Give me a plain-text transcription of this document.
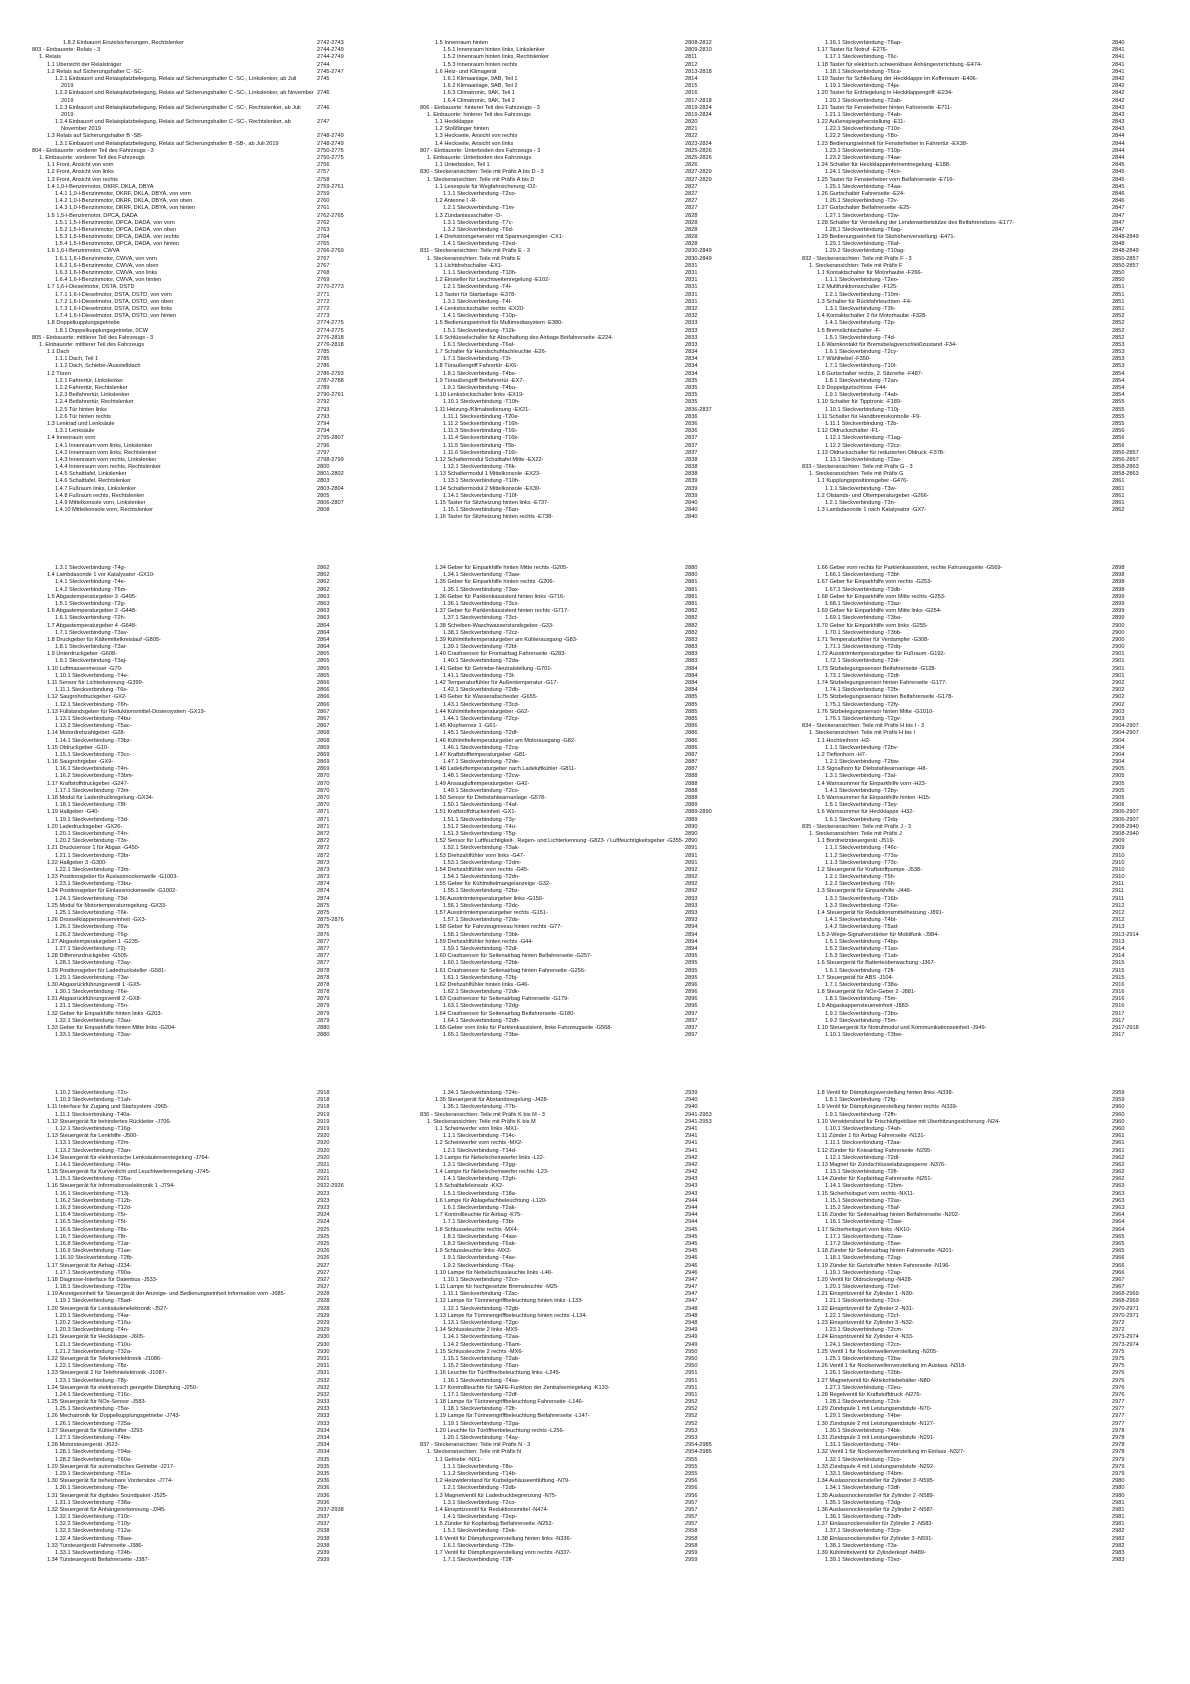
1.8.2 Einbauort Einzelsicherungen, Rechtslenker	2742-2743
803 - Einbauorte: Relais - 3	2744-2749
1. Relais	2744-2749
1.1 Übersicht der Relaisträger	2744
1.2 Relais auf Sicherungshalter C -SC-	2745-2747
1.2.1 Einbauort und Relaisplatzbelegung, Relais auf Sicherungshalter C -SC-, Linkslenker, ab Juli	2745
2019
1.2.2 Einbauort und Relaisplatzbelegung, Relais auf Sicherungshalter C -SC-, Linkslenker, ab November 2746
2019
1.2.3 Einbauort und Relaisplatzbelegung, Relais auf Sicherungshalter C -SC-, Rechtslenker, ab Juli	2746
2019
1.2.4 Einbauort und Relaisplatzbelegung, Relais auf Sicherungshalter C -SC-, Rechtslenker, ab	2747
November 2019
1.3 Relais auf Sicherungshalter B -SB-	2748-2749
1.3.1 Einbauort und Relaisplatzbelegung, Relais auf Sicherungshalter B -SB-, ab Juli 2019	2748-2749
804 - Einbauorte: vorderer Teil des Fahrzeugs - 3	2750-2775
1. Einbauorte: vorderer Teil des Fahrzeugs	2750-2775
1.1 Front, Ansicht von vorn	2756
1.2 Front, Ansicht von links	2757
1.3 Front, Ansicht von rechts	2758
1.4 1,0-l-Benzinmotor, DKRF, DKLA, DBYA	2759-2761
1.4.1 1,0-l-Benzinmotor, DKRF, DKLA, DBYA, von vorn	2759
1.4.2 1,0-l-Benzinmotor, DKRF, DKLA, DBYA, von oben	2760
1.4.3 1,0-l-Benzinmotor, DKRF, DKLA, DBYA, von hinten	2761
1.5 1,5-l-Benzinmotor, DPCA, DADA	2762-2765
1.5.1 1,5-l-Benzinmotor, DPCA, DADA, von vorn	2762
1.5.2 1,5-l-Benzinmotor, DPCA, DADA, von oben	2763
1.5.3 1,5-l-Benzinmotor, DPCA, DADA, von rechts	2764
1.5.4 1,5-l-Benzinmotor, DPCA, DADA, von hinten	2765
1.6 1,6-l-Benzinmotor, CWVA	2766-2769
1.6.1 1,6-l-Benzinmotor, CWVA, von vorn	2767
1.6.2 1,6-l-Benzinmotor, CWVA, von oben	2767
1.6.3 1,6-l-Benzinmotor, CWVA, von links	2768
1.6.4 1,6-l-Benzinmotor, CWVA, von hinten	2769
1.7 1,6-l-Dieselmotor, DSTA, DSTD	2770-2773
1.7.1 1,6-l-Dieselmotor, DSTA, DSTD, von vorn	2771
1.7.2 1,6-l-Dieselmotor, DSTA, DSTD, von oben	2772
1.7.3 1,6-l-Dieselmotor, DSTA, DSTD, von links	2772
1.7.4 1,6-l-Dieselmotor, DSTA, DSTD, von hinten	2773
1.8 Doppelkupplungsgetriebe	2774-2775
1.8.1 Doppelkupplungsgetriebe, 0CW	2774-2775
805 - Einbauorte: mittlerer Teil des Fahrzeugs - 3	2776-2818
1. Einbauorte: mittlerer Teil des Fahrzeugs	2776-2818
1.1 Dach	2785
1.1.1 Dach, Teil 1	2785
1.1.2 Dach, Schiebe-/Ausstelldach	2786
1.2 Türen	2786-2793
1.2.1 Fahrertür, Linkslenker	2787-2788
1.2.2 Fahrertür, Rechtslenker	2789
1.2.3 Beifahrertür, Linkslenker	2790-2791
1.2.4 Beifahrertür, Rechtslenker	2792
1.2.5 Tür hinten links	2793
1.2.6 Tür hinten rechts	2793
1.3 Lenkrad und Lenksäule	2794
1.3.1 Lenksäule	2794
1.4 Innenraum vorn	2795-2807
1.4.1 Innenraum vorn links, Linkslenker	2796
1.4.2 Innenraum vorn links, Rechtslenker	2797
1.4.3 Innenraum vorn rechts, Linkslenker	2798-2799
1.4.4 Innenraum vorn rechts, Rechtslenker	2800
1.4.5 Schalttafel, Linkslenker	2801-2802
1.4.6 Schalttafel, Rechtslenker	2803
1.4.7 Fußraum links, Linkslenker	2803-2804
1.4.8 Fußraum rechts, Rechtslenker	2805
1.4.9 Mittelkonsole vorn, Linkslenker	2806-2807
1.4.10 Mittelkonsole vorn, Rechtslenker	2808
1.5 Innenraum hinten	2808-2812
1.5.1 Innenraum hinten links, Linkslenker	2809-2810
1.5.2 Innenraum hinten links, Rechtslenker	2811
1.5.3 Innenraum hinten rechts	2812
1.6 Heiz- und Klimagerät	2813-2818
1.6.1 Klimaanlage, 9AB, Teil 1	2814
1.6.2 Klimaanlage, 9AB, Teil 2	2815
1.6.3 Climatronic, 9AK, Teil 1	2816
1.6.4 Climatronic, 9AK, Teil 2	2817-2818
806 - Einbauorte: hinterer Teil des Fahrzeugs - 3	2819-2824
1. Einbauorte: hinterer Teil des Fahrzeugs	2819-2824
1.1 Heckklappe	2820
1.2 Stoßfänger hinten	2821
1.3 Heckseite, Ansicht von rechts	2822
1.4 Heckseite, Ansicht von links	2823-2824
807 - Einbauorte: Unterboden des Fahrzeugs - 3	2825-2826
1. Einbauorte: Unterboden des Fahrzeugs	2825-2826
1.1 Unterboden, Teil 1	2826
830 - Steckeransichten: Teile mit Präfix A bis D - 3	2827-2829
1. Steckeransichten: Teile mit Präfix A bis D	2827-2829
1.1 Lesespule für Wegfahrsicherung -D2-	2827
1.1.1 Steckverbindung -T2co-	2827
1.2 Antenne I -R-	2827
1.2.1 Steckverbindung -T1m-	2827
1.3 Zündanlassschalter -D-	2828
1.3.1 Steckverbindung -T7c-	2828
1.3.2 Steckverbindung -T6d-	2828
1.4 Drehstromgenerator mit Spannungsregler -CX1-	2828
1.4.1 Steckverbindung -T2ed-	2828
831 - Steckeransichten: Teile mit Präfix E - 3	2830-2849
1. Steckeransichten: Teile mit Präfix E	2830-2849
1.1 Lichtdrehschalter -EX1-	2831
1.1.1 Steckverbindung -T10h-	2831
1.2 Einsteller für Leuchtweitenregelung -E102-	2831
1.2.1 Steckverbindung -T4i-	2831
1.3 Taster für Startanlage -E378-	2831
1.3.1 Steckverbindung -T4t-	2831
1.4 Lenkstockschalter rechts -EX20-	2832
1.4.1 Steckverbindung -T10p-	2832
1.5 Bedienungseinheit für Multimediasystem -E380-	2833
1.5.1 Steckverbindung -T12k-	2833
1.6 Schlüsselschalter für Abschaltung des Airbags Beifahrerseite -E224-	2833
1.6.1 Steckverbindung -T6al-	2833
1.7 Schalter für Handschuhfachleuchte -E26-	2834
1.7.1 Steckverbindung -T3i-	2834
1.8 Türaußengriff Fahrertür -EX6-	2834
1.8.1 Steckverbindung -T4bs-	2834
1.9 Türaußengriff Beifahrertür -EX7-	2835
1.9.1 Steckverbindung -T4bu-	2835
1.10 Lenkstockschalter links -EX19-	2835
1.10.1 Steckverbindung -T10h-	2835
1.11 Heizung-/Klimabedienung -EX21-	2836-2837
1.11.1 Steckverbindung -T20e-	2836
1.11.2 Steckverbindung -T16h-	2836
1.11.3 Steckverbindung -T16i-	2836
1.11.4 Steckverbindung -T16k-	2837
1.11.5 Steckverbindung -T5b-	2837
1.11.6 Steckverbindung -T16i-	2837
1.12 Schaltermodul Schalttafel Mitte -EX22-	2838
1.12.1 Steckverbindung -T6k-	2838
1.13 Schaltermodul 1 Mittelkonsole -EX23-	2838
1.13.1 Steckverbindung -T10h-	2839
1.14 Schaltermodul 2 Mittelkonsole -EX30-	2839
1.14.1 Steckverbindung -T10f-	2839
1.15 Taster für Sitzheizung hinten links -E737-	2840
1.15.1 Steckverbindung -T6an-	2840
1.16 Taster für Sitzheizung hinten rechts -E738-	2840
1.16.1 Steckverbindung -T6ap-	2840
1.17 Taster für Notruf -E276-	2841
1.17.1 Steckverbindung -T6c-	2841
1.18 Taster für elektrisch schwenkbare Anhängevorrichtung -E474-	2841
1.18.1 Steckverbindung -T6ca-	2841
1.19 Taster für Schließung der Heckklappe im Kofferraum -E406-	2842
1.19.1 Steckverbindung -T4ja-	2842
1.20 Taster für Entriegelung in Heckklappengriff -E234-	2842
1.20.1 Steckverbindung -T2ab-	2842
1.21 Taster für Fensterheber hinten Fahrerseite -E711-	2843
1.21.1 Steckverbindung -T4ab-	2843
1.22 Außenspiegelverstellung -E11-	2843
1.22.1 Steckverbindung -T10z-	2843
1.22.2 Steckverbindung -T8o-	2844
1.23 Bedienungseinheit für Fensterheber in Fahrertür -EX38-	2844
1.23.1 Steckverbindung -T10p-	2844
1.23.2 Steckverbindung -T4ae-	2844
1.24 Schalter für Heckklappenfernentriegelung -E188-	2845
1.24.1 Steckverbindung -T4cn-	2845
1.25 Taster für Fensterheber vorn Beifahrerseite -E716-	2845
1.25.1 Steckverbindung -T4aa-	2845
1.26 Gurtschalter Fahrerseite -E24-	2846
1.26.1 Steckverbindung -T2v-	2846
1.27 Gurtschalter Beifahrerseite -E25-	2847
1.27.1 Steckverbindung -T2w-	2847
1.28 Schalter für Verstellung der Lendenwirbelstütze des Beifahrersitzes -E177-	2847
1.28.1 Steckverbindung -T6ag-	2847
1.29 Bedienungseinheit für Sitzhöhenverstellung -E471-	2848-2849
1.29.1 Steckverbindung -T6af-	2848
1.29.2 Steckverbindung -T10ag-	2848-2849
832 - Steckeransichten: Teile mit Präfix F - 3	2850-2857
1. Steckeransichten: Teile mit Präfix F	2850-2857
1.1 Kontaktschalter für Motorhaube -F266-	2850
1.1.1 Steckverbindung -T2eo-	2850
1.2 Multifunktionsschalter -F125-	2851
1.2.1 Steckverbindung -T10m-	2851
1.3 Schalter für Rückfahrleuchten -F4-	2851
1.3.1 Steckverbindung -T3h-	2851
1.4 Kontaktschalter 2 für Motorhaube -F328-	2852
1.4.1 Steckverbindung -T2p-	2852
1.5 Bremslichtschalter -F-	2852
1.5.1 Steckverbindung -T4d-	2852
1.6 Warnkontakt für Bremsbelagverschleißzustand -F34-	2853
1.6.1 Steckverbindung -T2cy-	2853
1.7 Wählhebel -F350-	2853
1.7.1 Steckverbindung -T10l-	2853
1.8 Gurtschalter rechts, 2. Sitzreihe -F487-	2854
1.8.1 Steckverbindung -T2an-	2854
1.9 Doppelgurtschloss -F44-	2854
1.9.1 Steckverbindung -T4ab-	2854
1.10 Schalter für Tipptronic -F189-	2855
1.10.1 Steckverbindung -T10j-	2855
1.11 Schalter für Handbremskontrolle -F9-	2855
1.11.1 Steckverbindung -T2b-	2855
1.12 Öldruckschalter -F1-	2856
1.12.1 Steckverbindung -T1ag-	2856
1.12.2 Steckverbindung -T2cz-	2856
1.13 Öldruckschalter für reduzierten Öldruck -F378-	2856-2857
1.13.1 Steckverbindung -T2ax-	2856-2857
833 - Steckeransichten: Teile mit Präfix G - 3	2858-2863
1. Steckeransichten: Teile mit Präfix G	2858-2863
1.1 Kupplungspositionsgeber -G476-	2861
1.1.1 Steckverbindung -T3w-	2861
1.2 Ölstands- und Öltemperaturgeber -G266-	2861
1.2.1 Steckverbindung -T3n-	2861
1.3 Lambdasonde 1 nach Katalysator -GX7-	2862
1.3.1 Steckverbindung -T4g-	2862
1.4 Lambdasonde 1 vor Katalysator -GX10-	2862
1.4.1 Steckverbindung -T4e-	2862
1.4.2 Steckverbindung -T6m-	2862
1.5 Abgastemperaturgeber 3 -G495-	2863
1.5.1 Steckverbindung -T2g-	2863
1.6 Abgastemperaturgeber 2 -G448-	2863
1.6.1 Steckverbindung -T2h-	2863
1.7 Abgastemperaturgeber 4 -G648-	2864
1.7.1 Steckverbindung -T3av-	2864
1.8 Druckgeber für Kältemittelkreislauf -G805-	2864
1.8.1 Steckverbindung -T3ar-	2864
1.9 Unterdruckgeber -G608-	2865
1.9.1 Steckverbindung -T3aj-	2865
1.10 Luftmassenmesser -G70-	2865
1.10.1 Steckverbindung -T4e-	2865
1.11 Sensor für Lichterkennung -G399-	2866
1.11.1 Steckverbindung -T6s-	2866
1.12 Saugrohrdruckgeber -GX2-	2866
1.12.1 Steckverbindung -T6h-	2866
1.13 Füllstandsgeber für Reduktionsmittel-Dosiersystem -GX19-	2867
1.13.1 Steckverbindung -T4bu-	2867
1.13.2 Steckverbindung -T5ac-	2867
1.14 Motordrehzahlgeber -G28-	2868
1.14.1 Steckverbindung -T3bz-	2868
1.15 Öldruckgeber -G10-	2869
1.15.1 Steckverbindung -T3cc-	2869
1.16 Saugrohrgeber -GX9-	2869
1.16.1 Steckverbindung -T4n-	2869
1.16.2 Steckverbindung -T3bm-	2870
1.17 Kraftstoffdruckgeber -G247-	2870
1.17.1 Steckverbindung -T3m-	2870
1.18 Modul für Laderdruckregelung -GX34-	2870
1.18.1 Steckverbindung -T8f-	2870
1.19 Hallgeber -G40-	2871
1.19.1 Steckverbindung -T3d-	2871
1.20 Ladedrucksgeber -GX26-	2871
1.20.1 Steckverbindung -T4n-	2872
1.20.2 Steckverbindung -T3x-	2872
1.21 Drucksensor 1 für Abgas -G450-	2872
1.21.1 Steckverbindung -T3br-	2872
1.22 Hallgeber 3 -G300-	2873
1.22.1 Steckverbindung -T3m-	2873
1.23 Positionsgeber für Auslassnockenwelle -G1003-	2873
1.23.1 Steckverbindung -T3bu-	2874
1.24 Positionsgeber für Einlassnockenwelle -G1002-	2874
1.24.1 Steckverbindung -T3d-	2874
1.25 Modul für Motortemperaturregelung -GX33-	2875
1.25.1 Steckverbindung -T6k-	2875
1.26 Drosselklappensteuereinheit -GX3-	2875-2876
1.26.1 Steckverbindung -T6a-	2875
1.26.2 Steckverbindung -T6g-	2876
1.27 Abgastemperaturgeber 1 -G235-	2877
1.27.1 Steckverbindung -T2j-	2877
1.28 Differenzdruckgeber -G505-	2877
1.28.1 Steckverbindung -T3ay-	2877
1.29 Positionsgeber für Ladedrucksteller -G581-	2878
1.29.1 Steckverbindung -T3w-	2878
1.30 Abgasrückführungsventil 1 -GX5-	2878
1.30.1 Steckverbindung -T6e-	2878
1.31 Abgasrückführungsventil 2 -GX8-	2879
1.31.1 Steckverbindung -T5n-	2879
1.32 Geber für Einparkhilfe hinten links -G203-	2879
1.32.1 Steckverbindung -T3au-	2879
1.33 Geber für Einparkhilfe hinten Mitte links -G204-	2880
1.33.1 Steckverbindung -T3av-	2880
1.34 Geber für Einparkhilfe hinten Mitte rechts -G205-	2880
1.34.1 Steckverbindung -T3aw-	2880
1.35 Geber für Einparkhilfe hinten rechts -G206-	2881
1.35.1 Steckverbindung -T3ax-	2881
1.36 Geber für Parklenkassistent hinten links -G716-	2881
1.36.1 Steckverbindung -T3cs-	2881
1.37 Geber für Parklenkassistent hinten rechts -G717-	2882
1.37.1 Steckverbindung -T3ct-	2882
1.38 Scheiben-Waschwasserstandsgeber -G33-	2882
1.38.1 Steckverbindung -T2cz-	2882
1.39 Kühlmitteltemperaturgeber am Kühlerausgang -G83-	2883
1.39.1 Steckverbindung -T2bl-	2883
1.40 Crashsensor für Frontairbag Fahrerseite -G283-	2883
1.40.1 Steckverbindung -T2da-	2883
1.41 Geber für Getriebe-Neutralstellung -G701-	2884
1.41.1 Steckverbindung -T3t-	2884
1.42 Temperaturfühler für Außentemperatur -G17-	2884
1.42.1 Steckverbindung -T2db-	2884
1.43 Geber für Wasserabscheider -G655-	2885
1.43.1 Steckverbindung -T3cd-	2885
1.44 Kühlmitteltemperaturgeber -G62-	2885
1.44.1 Steckverbindung -T2cp-	2885
1.45 Klopfsensor 1 -G61-	2886
1.45.1 Steckverbindung -T2df-	2886
1.46 Kühlmitteltemperaturgeber am Motorausgang -G82-	2886
1.46.1 Steckverbindung -T2cq-	2886
1.47 Kraftstofftemperaturgeber -G81-	2887
1.47.1 Steckverbindung -T2de-	2887
1.48 Ladeluftemperaturgeber nach Ladeluftkühler -G811-	2887
1.48.1 Steckverbindung -T2cw-	2888
1.49 Ansaugluftemperaturgeber -G42-	2888
1.49.1 Steckverbindung -T2co-	2888
1.50 Sensor für Diebstahlwarnanlage -G578-	2888
1.50.1 Steckverbindung -T4af-	2889
1.51 Kraftstoffdruckeinheit -GX1-	2889-2890
1.51.1 Steckverbindung -T3y-	2889
1.51.2 Steckverbindung -T4u-	2890
1.51.3 Steckverbindung -T5g-	2890
1.52 Sensor für Luftfeuchtigkeit-, Regen- und Lichterkennung -G823- / Luftfeuchtigkeitsgeber -G355- 2890
1.52.1 Steckverbindung -T3ak-	2891
1.53 Drehzahlfühler vorn links -G47-	2891
1.53.1 Steckverbindung -T2dm-	2891
1.54 Drehzahlfühler vorn rechts -G45-	2892
1.54.1 Steckverbindung -T2dn-	2892
1.55 Geber für Kühlmittelmangelanzeige -G32-	2892
1.55.1 Steckverbindung -T2bz-	2892
1.56 Ausströmtemperaturgeber links -G150-	2893
1.56.1 Steckverbindung -T2dc-	2893
1.57 Ausströmtemperaturgeber rechts -G151-	2893
1.57.1 Steckverbindung -T2ds-	2893
1.58 Geber für Fahrzeugniveau hinten rechts -G77-	2894
1.58.1 Steckverbindung -T3bk-	2894
1.59 Drehzahlfühler hinten rechts -G44-	2894
1.59.1 Steckverbindung -T2dl-	2894
1.60 Crashsensor für Seitenairbag hinten Beifahrerseite -G257-	2895
1.60.1 Steckverbindung -T2bk-	2895
1.61 Crashsensor für Seitenairbag hinten Fahrerseite -G256-	2895
1.61.1 Steckverbindung -T2bj-	2895
1.62 Drehzahlfühler hinten links -G46-	2896
1.62.1 Steckverbindung -T2dk-	2896
1.63 Crashsensor für Seitenairbag Fahrerseite -G179-	2896
1.63.1 Steckverbindung -T2dg-	2896
1.64 Crashsensor für Seitenairbag Beifahrerseite -G180-	2897
1.64.1 Steckverbindung -T2dh-	2897
1.65 Geber vorn links für Parklenkassistent, linke Fahrzeugseite -G568-	2897
1.65.1 Steckverbindung -T3be-	2897
1.66 Geber vorn rechts für Parklenkassistent, rechte Fahrzeugseite -G569-	2898
1.66.1 Steckverbindung -T3bf-	2898
1.67 Geber für Einparkhilfe vorn rechts -G253-	2898
1.67.1 Steckverbindung -T3db-	2898
1.68 Geber für Einparkhilfe vorn Mitte rechts -G253-	2899
1.68.1 Steckverbindung -T3az-	2899
1.69 Geber für Einparkhilfe vorn Mitte links -G254-	2899
1.69.1 Steckverbindung -T3ba-	2899
1.70 Geber für Einparkhilfe vorn links -G255-	2900
1.70.1 Steckverbindung -T3bb-	2900
1.71 Temperaturfühler für Verdampfer -G308-	2900
1.71.1 Steckverbindung -T2dq-	2900
1.72 Ausströmtemperaturgeber für Fußraum -G192-	2901
1.72.1 Steckverbindung -T2dr-	2901
1.73 Sitzbelegungssensor Beifahrerseite -G128-	2901
1.73.1 Steckverbindung -T2dt-	2901
1.74 Sitzbelegungssensor hinten Fahrerseite -G177-	2902
1.74.1 Steckverbindung -T2fx-	2902
1.75 Sitzbelegungssensor hinten Beifahrerseite -G178-	2902
1.75.1 Steckverbindung -T2fy-	2902
1.76 Sitzbelegungssensor hinten Mitte -G1010-	2903
1.76.1 Steckverbindung -T2gv-	2903
834 - Steckeransichten: Teile mit Präfix H bis I - 3	2904-2907
1. Steckeransichten: Teile mit Präfix H bis I	2904-2907
1.1 Hochtonhorn -H2-	2904
1.1.1 Steckverbindung -T2bv-	2904
1.2 Tieftonhorn -H7-	2904
1.2.1 Steckverbindung -T2bw-	2904
1.3 Signalhorn für Diebstahlwarnanlage -H8-	2905
1.3.1 Steckverbindung -T3al-	2905
1.4 Warnsummer für Einparkhilfe vorn -H23-	2905
1.4.1 Steckverbindung -T2by-	2905
1.5 Warnsummer für Einparkhilfe hinten -H15-	2905
1.5.1 Steckverbindung -T3ey-	2906
1.6 Warnsummer für Heckklappe -H32-	2906-2907
1.6.1 Steckverbindung -T2dq-	2906-2907
835 - Steckeransichten: Teile mit Präfix J - 3	2908-2940
1. Steckeransichten: Teile mit Präfix J	2908-2940
1.1 Bordnetzsteuergerät -J519-	2909
1.1.1 Steckverbindung -T46c-	2909
1.1.2 Steckverbindung -T73a-	2910
1.1.3 Steckverbindung -T73c-	2910
1.2 Steuergerät für Kraftstoffpumpe -J538-	2910
1.2.1 Steckverbindung -T5h-	2910
1.2.2 Steckverbindung -T6h-	2911
1.3 Steuergerät für Einparkhilfe -J446-	2911
1.3.1 Steckverbindung -T16b-	2911
1.3.2 Steckverbindung -T26e-	2912
1.4 Steuergerät für Reduktionsmittelheizung -J891-	2912
1.4.1 Steckverbindung -T4bt-	2912
1.4.2 Steckverbindung -T5ad-	2913
1.5 2-Wege-Signalverstärker für Mobilfunk -J984-	2913-2914
1.5.1 Steckverbindung -T4bp-	2913
1.5.2 Steckverbindung -T1ao-	2914
1.5.3 Steckverbindung -T1ab-	2914
1.6 Steuergerät für Batterieüberwachung -J367-	2915
1.6.1 Steckverbindung -T2fl-	2915
1.7 Steuergerät für ABS -J104-	2915
1.7.1 Steckverbindung -T38a-	2916
1.8 Steuergerät für NOx-Geber 2 -J881-	2916
1.8.1 Steckverbindung -T5m-	2916
1.9 Abgaskappensteuereinheit -J883-	2916
1.9.1 Steckverbindung -T3bo-	2917
1.9.2 Steckverbindung -T5m-	2917
1.10 Steuergerät für Notrufmodul und Kommunikationseinheit -J949-	2917-2918
1.10.1 Steckverbindung -T3bw-	2917
1.10.2 Steckverbindung -T2o-	2918
1.10.3 Steckverbindung -T1ah-	2918
1.11 Interface für Zugang und Startsystem -J965-	2918
1.11.1 Steckverbindung -T40a-	2919
1.12 Steuergerät für behindertes Rückleiter -J706-	2919
1.12.1 Steckverbindung -T16g-	2919
1.13 Steuergerät für Lenkhilfe -J500-	2920
1.13.1 Steckverbindung -T2m-	2920
1.13.2 Steckverbindung -T3an-	2920
1.14 Steuergerät für elektronische Lenksäulenverriegelung -J764-	2920
1.14.1 Steckverbindung -T4bs-	2921
1.15 Steuergerät für Kurvenlicht und Leuchtweitenregelung -J745-	2921
1.15.1 Steckverbindung -T26a-	2921
1.16 Steuergerät für Informationselektronik 1 -J794-	2922-2926
1.16.1 Steckverbindung -T13j-	2923
1.16.2 Steckverbindung -T12b-	2923
1.16.3 Steckverbindung -T12d-	2923
1.16.4 Steckverbindung -T5r-	2924
1.16.5 Steckverbindung -T5t-	2924
1.16.6 Steckverbindung -T8s-	2925
1.16.7 Steckverbindung -T8r-	2925
1.16.8 Steckverbindung -T1ar-	2925
1.16.9 Steckverbindung -T1ae-	2926
1.16.10 Steckverbindung -T2fb-	2926
1.17 Steuergerät für Airbag -J234-	2927
1.17.1 Steckverbindung -T90a-	2927
1.18 Diagnose-Interface für Datenbus -J533-	2927
1.18.1 Steckverbindung -T20a-	2927
1.19 Anzeigeeinheit für Steuergerät der Anzeige- und Bedienungseinheit Information vorn -J685-	2928
1.19.1 Steckverbindung -T5ad-	2928
1.20 Steuergerät für Lenksäulenelektronik -J527-	2928
1.20.1 Steckverbindung -T4ar-	2929
1.20.2 Steckverbindung -T16u-	2929
1.20.3 Steckverbindung -T4n-	2929
1.21 Steuergerät für Heckklappe -J605-	2930
1.21.1 Steckverbindung -T10u-	2930
1.21.2 Steckverbindung -T32a-	2930
1.22 Steuergerät für Telefonielektronik -J1086-	2931
1.22.1 Steckverbindung -T8z-	2931
1.23 Steuergerät 2 für Telefonielektronik -J1087-	2931
1.23.1 Steckverbindung -T8y-	2932
1.24 Steuergerät für elektronisch geregelte Dämpfung -J250-	2932
1.24.1 Steckverbindung -T16c-	2932
1.25 Steuergerät für NOx-Sensor -J583-	2933
1.25.1 Steckverbindung -T5w-	2933
1.26 Mechatronik für Doppelkupplungsgetriebe -J743-	2933
1.26.1 Steckverbindung -T25a-	2933
1.27 Steuergerät für Kühlerlüfter -J293-	2934
1.27.1 Steckverbindung -T4bv-	2934
1.28 Motorsteuergerät -J623-	2934
1.28.1 Steckverbindung -T94a-	2934
1.28.2 Steckverbindung -T60a-	2935
1.29 Steuergerät für automatisches Getriebe -J217-	2935
1.29.1 Steckverbindung -T81a-	2935
1.30 Steuergerät für beheizbare Vordersitze -J774-	2936
1.30.1 Steckverbindung -T8e-	2936
1.31 Steuergerät für digitales Soundpaket -J525-	2936
1.31.1 Steckverbindung -T38a-	2936
1.32 Steuergerät für Anhängererkennung -J345-	2937-2938
1.32.1 Steckverbindung -T10c-	2937
1.32.2 Steckverbindung -T10y-	2937
1.32.3 Steckverbindung -T12a-	2938
1.32.4 Steckverbindung -T8aw-	2938
1.33 Türsteuergerät Fahrerseite -J386-	2938
1.33.1 Steckverbindung -T24b-	2939
1.34 Türsteuergerät Beifahrerseite -J387-	2939
1.34.1 Steckverbindung -T24c-	2939
1.35 Steuergerät für Abstandsregelung -J428-	2940
1.35.1 Steckverbindung -T7b-	2940
836 - Steckeransichten: Teile mit Präfix K bis M - 3	2941-2953
1. Steckeransichten: Teile mit Präfix K bis M	2941-2953
1.1 Scheinwerfer vorn links -MX1-	2941
1.1.1 Steckverbindung -T14c-	2941
1.2 Scheinwerfer vorn rechts -MX2-	2941
1.2.1 Steckverbindung -T14d-	2941
1.3 Lampe für Nebelscheinwerfer links -L22-	2942
1.3.1 Steckverbindung -T2gg-	2942
1.4 Lampe für Nebelscheinwerfer rechts -L23-	2942
1.4.1 Steckverbindung -T2gh-	2943
1.5 Schalttafeleinsatz -KX2-	2943
1.5.1 Steckverbindung -T18a-	2943
1.6 Lampe für Ablagefachbeleuchtung -L120-	2944
1.6.1 Steckverbindung -T2ak-	2944
1.7 Kontrollleuchte für Airbag -K75-	2944
1.7.1 Steckverbindung -T3bi-	2944
1.8 Schlusseleuchte rechts -MX4-	2945
1.8.1 Steckverbindung -T4aw-	2945
1.8.2 Steckverbindung -T6ak-	2945
1.9 Schlussleuchte links -MX3-	2945
1.9.1 Steckverbindung -T4av-	2946
1.9.2 Steckverbindung -T6aj-	2946
1.10 Lampe für Nebelschlussleuchte links -L46-	2946
1.10.1 Steckverbindung -T2cn-	2947
1.11 Lampe für hochgesetzte Bremsleuchte -M25-	2947
1.11.1 Steckverbindung -T2ac-	2947
1.12 Lampe für Türinnengriffbeleuchtung hinten links -L133-	2947
1.12.1 Steckverbindung -T2gb-	2948
1.13 Lampe für Türinnengriffbeleuchtung hinten rechts -L134-	2948
1.13.1 Steckverbindung -T2gc-	2948
1.14 Schlussleuchte 2 links -MX5-	2949
1.14.1 Steckverbindung -T2aa-	2949
1.14.2 Steckverbindung -T6am-	2949
1.15 Schlussleuchte 2 rechts -MX6-	2950
1.15.1 Steckverbindung -T2ab-	2950
1.15.2 Steckverbindung -T6an-	2950
1.16 Leuchte für Türöffnerbeleuchtung links -L245-	2951
1.16.1 Steckverbindung -T4as-	2951
1.17 Kontrollleuchte für SAFE-Funktion der Zentralverriegelung -K133-	2951
1.17.1 Steckverbindung -T2df-	2951
1.18 Lampe für Türinnengriffbeleuchtung Fahrerseite -L146-	2952
1.18.1 Steckverbindung -T2fr-	2952
1.19 Lampe für Türinnengriffbeleuchtung Beifahrerseite -L147-	2952
1.19.1 Steckverbindung -T2ga-	2952
1.20 Leuchte für Türöffnerbeleuchtung rechts -L256-	2953
1.20.1 Steckverbindung -T4ay-	2953
837 - Steckeransichten: Teile mit Präfix N - 3	2954-2985
1. Steckeransichten: Teile mit Präfix N	2954-2985
1.1 Getriebe -NX1-	2955
1.1.1 Steckverbindung -T8o-	2955
1.1.2 Steckverbindung -T14b-	2955
1.2 Heizwiderstand für Kurbelgehäuseentlüftung -N79-	2956
1.2.1 Steckverbindung -T2db-	2956
1.3 Magnetventil für Ladedruckbegrenzung -N75-	2956
1.3.1 Steckverbindung -T2co-	2957
1.4 Einspritzventil für Reduktionsmittel -N474-	2957
1.4.1 Steckverbindung -T2ep-	2957
1.5 Zünder für Kopfairbag Beifahrerseite -N252-	2957
1.5.1 Steckverbindung -T2ek-	2958
1.6 Ventil für Dämpfungsverstellung hinten links -N336-	2958
1.6.1 Steckverbindung -T2fe-	2958
1.7 Ventil für Dämpfungsverstellung vorn rechts -N337-	2959
1.7.1 Steckverbindung -T2ff-	2959
1.8 Ventil für Dämpfungsverstellung hinten links -N338-	2959
1.8.1 Steckverbindung -T2fg-	2959
1.9 Ventil für Dämpfungsverstellung hinten rechts -N339-	2960
1.9.1 Steckverbindung -T2fh-	2960
1.10 Verwiderstand für Frischluftgebläse mit Überhitzungssicherung -N24-	2960
1.10.1 Steckverbindung -T4ah-	2960
1.11 Zünder 1 für Airbag Fahrerseite -N131-	2961
1.11.1 Steckverbindung -T2aa-	2961
1.12 Zünder für Knieairbag Fahrerseite -N295-	2961
1.12.1 Steckverbindung -T2dl-	2962
1.13 Magnet für Zündschlüsselabzugssperre -N376-	2962
1.13.1 Steckverbindung -T2fi-	2962
1.14 Zünder für Kopfairbag Fahrerseite -N251-	2962
1.14.1 Steckverbindung -T2bm-	2963
1.15 Sicherheitsgurt vorn rechts -NX11-	2963
1.15.1 Steckverbindung -T2ax-	2963
1.15.2 Steckverbindung -T5af-	2963
1.16 Zünder für Seitenairbag hinten Beifahrerseite -N202-	2964
1.16.1 Steckverbindung -T2aw-	2964
1.17 Sicherheitsgurt vorn links -NX10-	2964
1.17.1 Steckverbindung -T2aw-	2965
1.17.2 Steckverbindung -T5ae-	2965
1.18 Zünder für Seitenairbag hinten Fahrerseite -N201-	2965
1.18.1 Steckverbindung -T2ag-	2966
1.19 Zünder für Gurtstraffer hinten Fahrerseite -N196-	2966
1.19.1 Steckverbindung -T2ap-	2966
1.20 Ventil für Öldruckregelung -N428-	2967
1.20.1 Steckverbindung -T2et-	2967
1.21 Einspritzventil für Zylinder 1 -N30-	2968-2969
1.21.1 Steckverbindung -T2cx-	2968-2969
1.22 Einspritzventil für Zylinder 2 -N31-	2970-2971
1.22.1 Steckverbindung -T2cf-	2970-2971
1.23 Einspritzventil für Zylinder 3 -N32-	2972
1.23.1 Steckverbindung -T2cm-	2972
1.24 Einspritzventil für Zylinder 4 -N33-	2973-2974
1.24.1 Steckverbindung -T2cn-	2973-2974
1.25 Ventil 1 für Nockenwellenverstellung -N205-	2975
1.25.1 Steckverbindung -T2ba-	2975
1.26 Ventil 1 für Nockenwellenverstellung im Auslass -N318-	2975
1.26.1 Steckverbindung -T2bb-	2976
1.27 Magnetventil für Aktivkohlebehälter -N80-	2976
1.27.1 Steckverbindung -T2eu-	2976
1.28 Regelventil für Kraftstoffdruck -N276-	2976
1.28.1 Steckverbindung -T2ck-	2977
1.29 Zündspule 1 mit Leistungsendstufe -N70-	2977
1.29.1 Steckverbindung -T4be-	2977
1.30 Zündspule 2 mit Leistungsendstufe -N127-	2977
1.30.1 Steckverbindung -T4bk-	2978
1.31 Zündspule 3 mit Leistungsendstufe -N291-	2978
1.31.1 Steckverbindung -T4br-	2978
1.32 Ventil 1 für Nockenwellenverstellung im Einlass -N327-	2978
1.32.1 Steckverbindung -T2co-	2979
1.33 Zündspule 4 mit Leistungsendstufe -N292-	2979
1.33.1 Steckverbindung -T4bm-	2979
1.34 Auslassnockensteller für Zylinder 3 -N595-	2980
1.34.1 Steckverbindung -T3df-	2980
1.35 Auslassnockensteller für Zylinder 2 -N589-	2980
1.35.1 Steckverbindung -T3dg-	2981
1.36 Auslassnockensteller für Zylinder 2 -N587-	2981
1.36.1 Steckverbindung -T3dh-	2981
1.37 Einlassnockensteller für Zylinder 2 -N583-	2981
1.37.1 Steckverbindung -T3cp-	2982
1.38 Einlassnockensteller für Zylinder 3 -N591-	2982
1.38.1 Steckverbindung -T3s-	2982
1.39 Kühlmittelventil für Zylinderkopf -N489-	2983
1.39.1 Steckverbindung -T2ez-	2983
